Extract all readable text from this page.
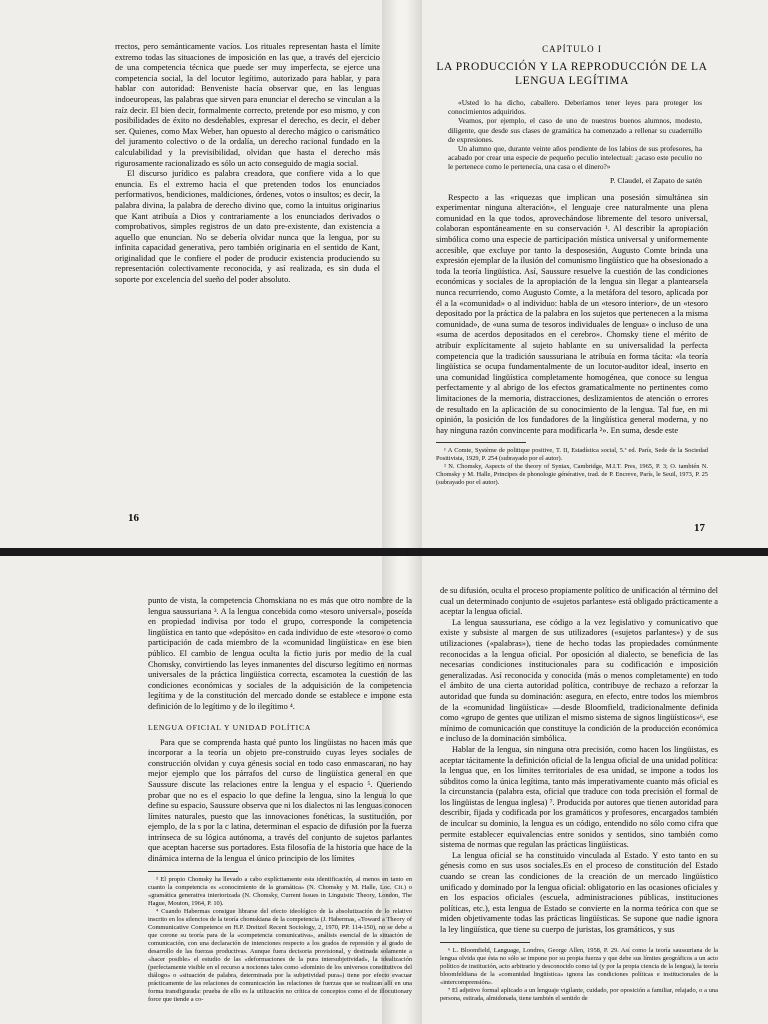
rrectos, pero semánticamente vacíos. Los rituales representan hasta el límite extremo todas las situaciones de imposición en las que, a través del ejercicio de una competencia técnica que puede ser muy imperfecta, se ejerce una competencia social, la del locutor legítimo, autorizado para hablar, y para hablar con autoridad: Benveniste hacía observar que, en las lenguas indoeuropeas, las palabras que sirven para enunciar el derecho se vinculan a la raíz decir. El bien decir, formalmente correcto, pretende por eso mismo, y con posibilidades de éxito no desdeñables, expresar el derecho, es decir, el deber ser. Quienes, como Max Weber, han opuesto al derecho mágico o carismático del juramento colectivo o de la ordalía, un derecho racional fundado en la calculabilidad y la previsibilidad, olvidan que hasta el derecho más rigurosamente racionalizado es sólo un acto conseguido de magia social.

El discurso jurídico es palabra creadora, que confiere vida a lo que enuncia. Es el extremo hacia el que pretenden todos los enunciados performativos, bendiciones, maldiciones, órdenes, votos o insultos; es decir, la palabra divina, la palabra de derecho divino que, como la intuitus originarius que Kant atribuía a Dios y contrariamente a los enunciados derivados o comprobativos, simples registros de un dato pre-existente, dan existencia a aquello que enuncian. No se debería olvidar nunca que la lengua, por su infinita capacidad generativa, pero también originaria en el sentido de Kant, originalidad que le confiere el poder de producir existencia produciendo su representación colectivamente reconocida, y así realizada, es sin duda el soporte por excelencia del sueño del poder absoluto.

16
CAPÍTULO I
LA PRODUCCIÓN Y LA REPRODUCCIÓN DE LA LENGUA LEGÍTIMA

«Usted lo ha dicho, caballero. Deberíamos tener leyes para proteger los conocimientos adquiridos.

Veamos, por ejemplo, el caso de uno de nuestros buenos alumnos, modesto, diligente, que desde sus clases de gramática ha comenzado a rellenar su cuadernillo de expresiones.

Un alumno que, durante veinte años pendiente de los labios de sus profesores, ha acabado por crear una especie de pequeño peculio intelectual: ¿acaso este peculio no le pertenece como le pertenecía, una casa o el dinero?»

P. Claudel, el Zapato de satén

Respecto a las «riquezas que implican una posesión simultánea sin experimentar ninguna alteración», el lenguaje cree naturalmente una plena comunidad en la que todos, aprovechándose libremente del tesoro universal, colaboran espontáneamente en su conservación ¹. Al describir la apropiación simbólica como una especie de participación mística universal y uniformemente accesible, que excluye por tanto la desposesión, Augusto Comte brinda una expresión ejemplar de la ilusión del comunismo lingüístico que ha obsesionado a toda la teoría lingüística. Así, Saussure resuelve la cuestión de las condiciones económicas y sociales de la apropiación de la lengua sin llegar a plantearsela nunca recurriendo, como Augusto Comte, a la metáfora del tesoro, aplicada por él a la «comunidad» o al individuo: habla de un «tesoro interior», de un «tesoro depositado por la práctica de la palabra en los sujetos que pertenecen a la misma comunidad», de «una suma de tesoros individuales de lengua» o incluso de una «suma de acerdos depositados en el cerebro». Chomsky tiene el mérito de atribuir explícitamente al sujeto hablante en su universalidad la perfecta competencia que la tradición saussuriana le atribuía en forma tácita: «la teoría lingüística se ocupa fundamentalmente de un locutor-auditor ideal, inserto en una comunidad lingüística completamente homogénea, que conoce su lengua perfectamente y al abrigo de los efectos gramaticalmente no pertinentes como limitaciones de la memoria, distracciones, deslizamientos de atención o errores de resultado en la aplicación de su conocimiento de la lengua. Tal fue, en mi opinión, la posición de los fundadores de la lingüística general moderna, y no hay ninguna razón convincente para modificarla ²». En suma, desde este

¹ A Comte, Système de politique positive, T. II, Estadística social, 5.ª ed. París, Sede de la Sociedad Positivista, 1929, P. 254 (subrayado por el autor).

² N. Chomsky, Aspects of the theory of Syntax, Cambridge, M.I.T. Pres, 1965, P. 3; O. también N. Chomsky y M. Halle, Principes de phonologie générative, trad. de P. Encreve, París, le Seuil, 1973, P. 25 (subrayado por el autor).

17

punto de vista, la competencia Chomskiana no es más que otro nombre de la lengua saussuriana ³. A la lengua concebida como «tesoro universal», poseída en propiedad indivisa por todo el grupo, corresponde la competencia lingüística en tanto que «depósito» en cada individuo de este «tesoro» o como participación de cada miembro de la «comunidad lingüística» en ese bien público. El cambio de lengua oculta la fictio juris por medio de la cual Chomsky, convirtiendo las leyes inmanentes del discurso legítimo en normas universales de la práctica lingüística correcta, escamotea la cuestión de las condiciones económicas y sociales de la adquisición de la competencia legítima y de la constitución del mercado donde se establece e impone esta definición de lo legítimo y de lo ilegítimo ⁴.

LENGUA OFICIAL Y UNIDAD POLÍTICA

Para que se comprenda hasta qué punto los lingüistas no hacen más que incorporar a la teoría un objeto pre-construido cuyas leyes sociales de construcción olvidan y cuya génesis social en todo caso enmascaran, no hay mejor ejemplo que los párrafos del curso de lingüística general en que Saussure discute las relaciones entre la lengua y el espacio ⁵. Queriendo probar que no es el espacio lo que define la lengua, sino la lengua lo que define su espacio, Saussure observa que ni los dialectos ni las lenguas conocen límites naturales, puesto que las innovaciones fonéticas, la sustitución, por ejemplo, de la s por la c latina, determinan el espacio de difusión por la fuerza intrínseca de su lógica autónoma, a través del conjunto de sujetos parlantes que aceptan hacerse sus portadores. Esta filosofía de la historia que hace de la dinámica interna de la lengua el único principio de los límites

³ El propio Chomsky ha llevado a cabo explícitamente esta identificación, al menos en tanto en cuanto la competencia es «conocimiento de la gramática» (N. Chomsky y M. Halle, Loc. Cit.) o «gramática generativa interiorizada (N. Chomsky, Current Issues in Linguistic Theory, London, The Hague, Mouton, 1964, P. 10).

⁴ Cuando Habermas consigue librarse del efecto ideológico de la absolutización de lo relativo inscrito en los silencios de la teoría chomskiana de la competencia (J. Habermas, «Toward a Theory of Communicative Competence en H.P. Dreitzel Recent Sociology, 2, 1970, PP. 114-150), no se debe a que corone su teoría para de la «competencia comunicativa», análisis esencial de la situación de comunicación, con una declaración de intenciones respecto a los grados de represión y al grado de desarrollo de las fuerzas productivas. Aunque fuera decisoria provisional, y destinada solamente a «hacer posible» el estudio de las «deformaciones de la pura intersubjetividad», la idealización (perfectamente visible en el recurso a nociones tales como «dominio de los universos constitutivos del diálogo» o «situación de palabra, determinada por la subjetividad pura») tiene por efecto evacuar prácticamente de las relaciones de comunicación las relaciones de fuerzas que se realizan allí en una forma transfigurada: prueba de ello es la utilización no crítica de conceptos como el de illocutionary force que tiende a co-

de su difusión, oculta el proceso propiamente político de unificación al término del cual un determinado conjunto de «sujetos parlantes» está obligado prácticamente a aceptar la lengua oficial.

La lengua saussuriana, ese código a la vez legislativo y comunicativo que existe y subsiste al margen de sus utilizadores («sujetos parlantes») y de sus utilizaciones («palabras»), tiene de hecho todas las propiedades comúnmente reconocidas a la lengua oficial. Por oposición al dialecto, se beneficia de las necesarias condiciones institucionales para su codificación e imposición generalizadas. Así reconocida y conocida (más o menos completamente) en todo el ámbito de una cierta autoridad política, contribuye de rechazo a reforzar la autoridad que funda su dominación: asegura, en efecto, entre todos los miembros de la «comunidad lingüística» —desde Bloomfield, tradicionalmente definida como «grupo de gentes que utilizan el mismo sistema de signos lingüísticos»⁶, ese mínimo de comunicación que constituye la condición de la producción económica e incluso de la dominación simbólica.

Hablar de la lengua, sin ninguna otra precisión, como hacen los lingüistas, es aceptar tácitamente la definición oficial de la lengua oficial de una unidad política: la lengua que, en los límites territoriales de esa unidad, se impone a todos los súbditos como la única legítima, tanto más imperativamente cuanto más oficial es la circunstancia (palabra esta, oficial que traduce con toda precisión el formal de los lingüistas de lengua inglesa) ⁷. Producida por autores que tienen autoridad para describir, fijada y codificada por los gramáticos y profesores, encargados también de inculcar su dominio, la lengua es un código, entendido no sólo como cifra que permite establecer equivalencias entre sonidos y sentidos, sino también como sistema de normas que regulan las prácticas lingüísticas.

La lengua oficial se ha constituido vinculada al Estado. Y esto tanto en su génesis como en sus usos sociales.Es en el proceso de constitución del Estado cuando se crean las condiciones de la creación de un mercado lingüístico unificado y dominado por la lengua oficial: obligatorio en las ocasiones oficiales y en los espacios oficiales (escuela, administraciones públicas, instituciones políticas, etc.), esta lengua de Estado se convierte en la norma teórica con que se miden objetivamente todas las prácticas lingüísticas. Se supone que nadie ignora la ley lingüística, que tiene su cuerpo de juristas, los gramáticos, y sus

⁶ L. Bloomfield, Language, Londres, George Allen, 1958, P. 29. Así como la teoría saussuriana de la lengua olvida que ésta no sólo se impone por su propia fuerza y que debe sus límites geográficos a un acto político de institución, acto arbitrario y desconocido como tal (y por la propia ciencia de la lengua), la teoría bloomfeldiana de la «comunidad lingüística» ignora las condiciones políticas e institucionales de la «intercomprensión».

⁷ El adjetivo formal aplicado a un lenguaje vigilante, cuidado, por oposición a familiar, relajado, o a una persona, estirada, almidonada, tiene también el sentido de
